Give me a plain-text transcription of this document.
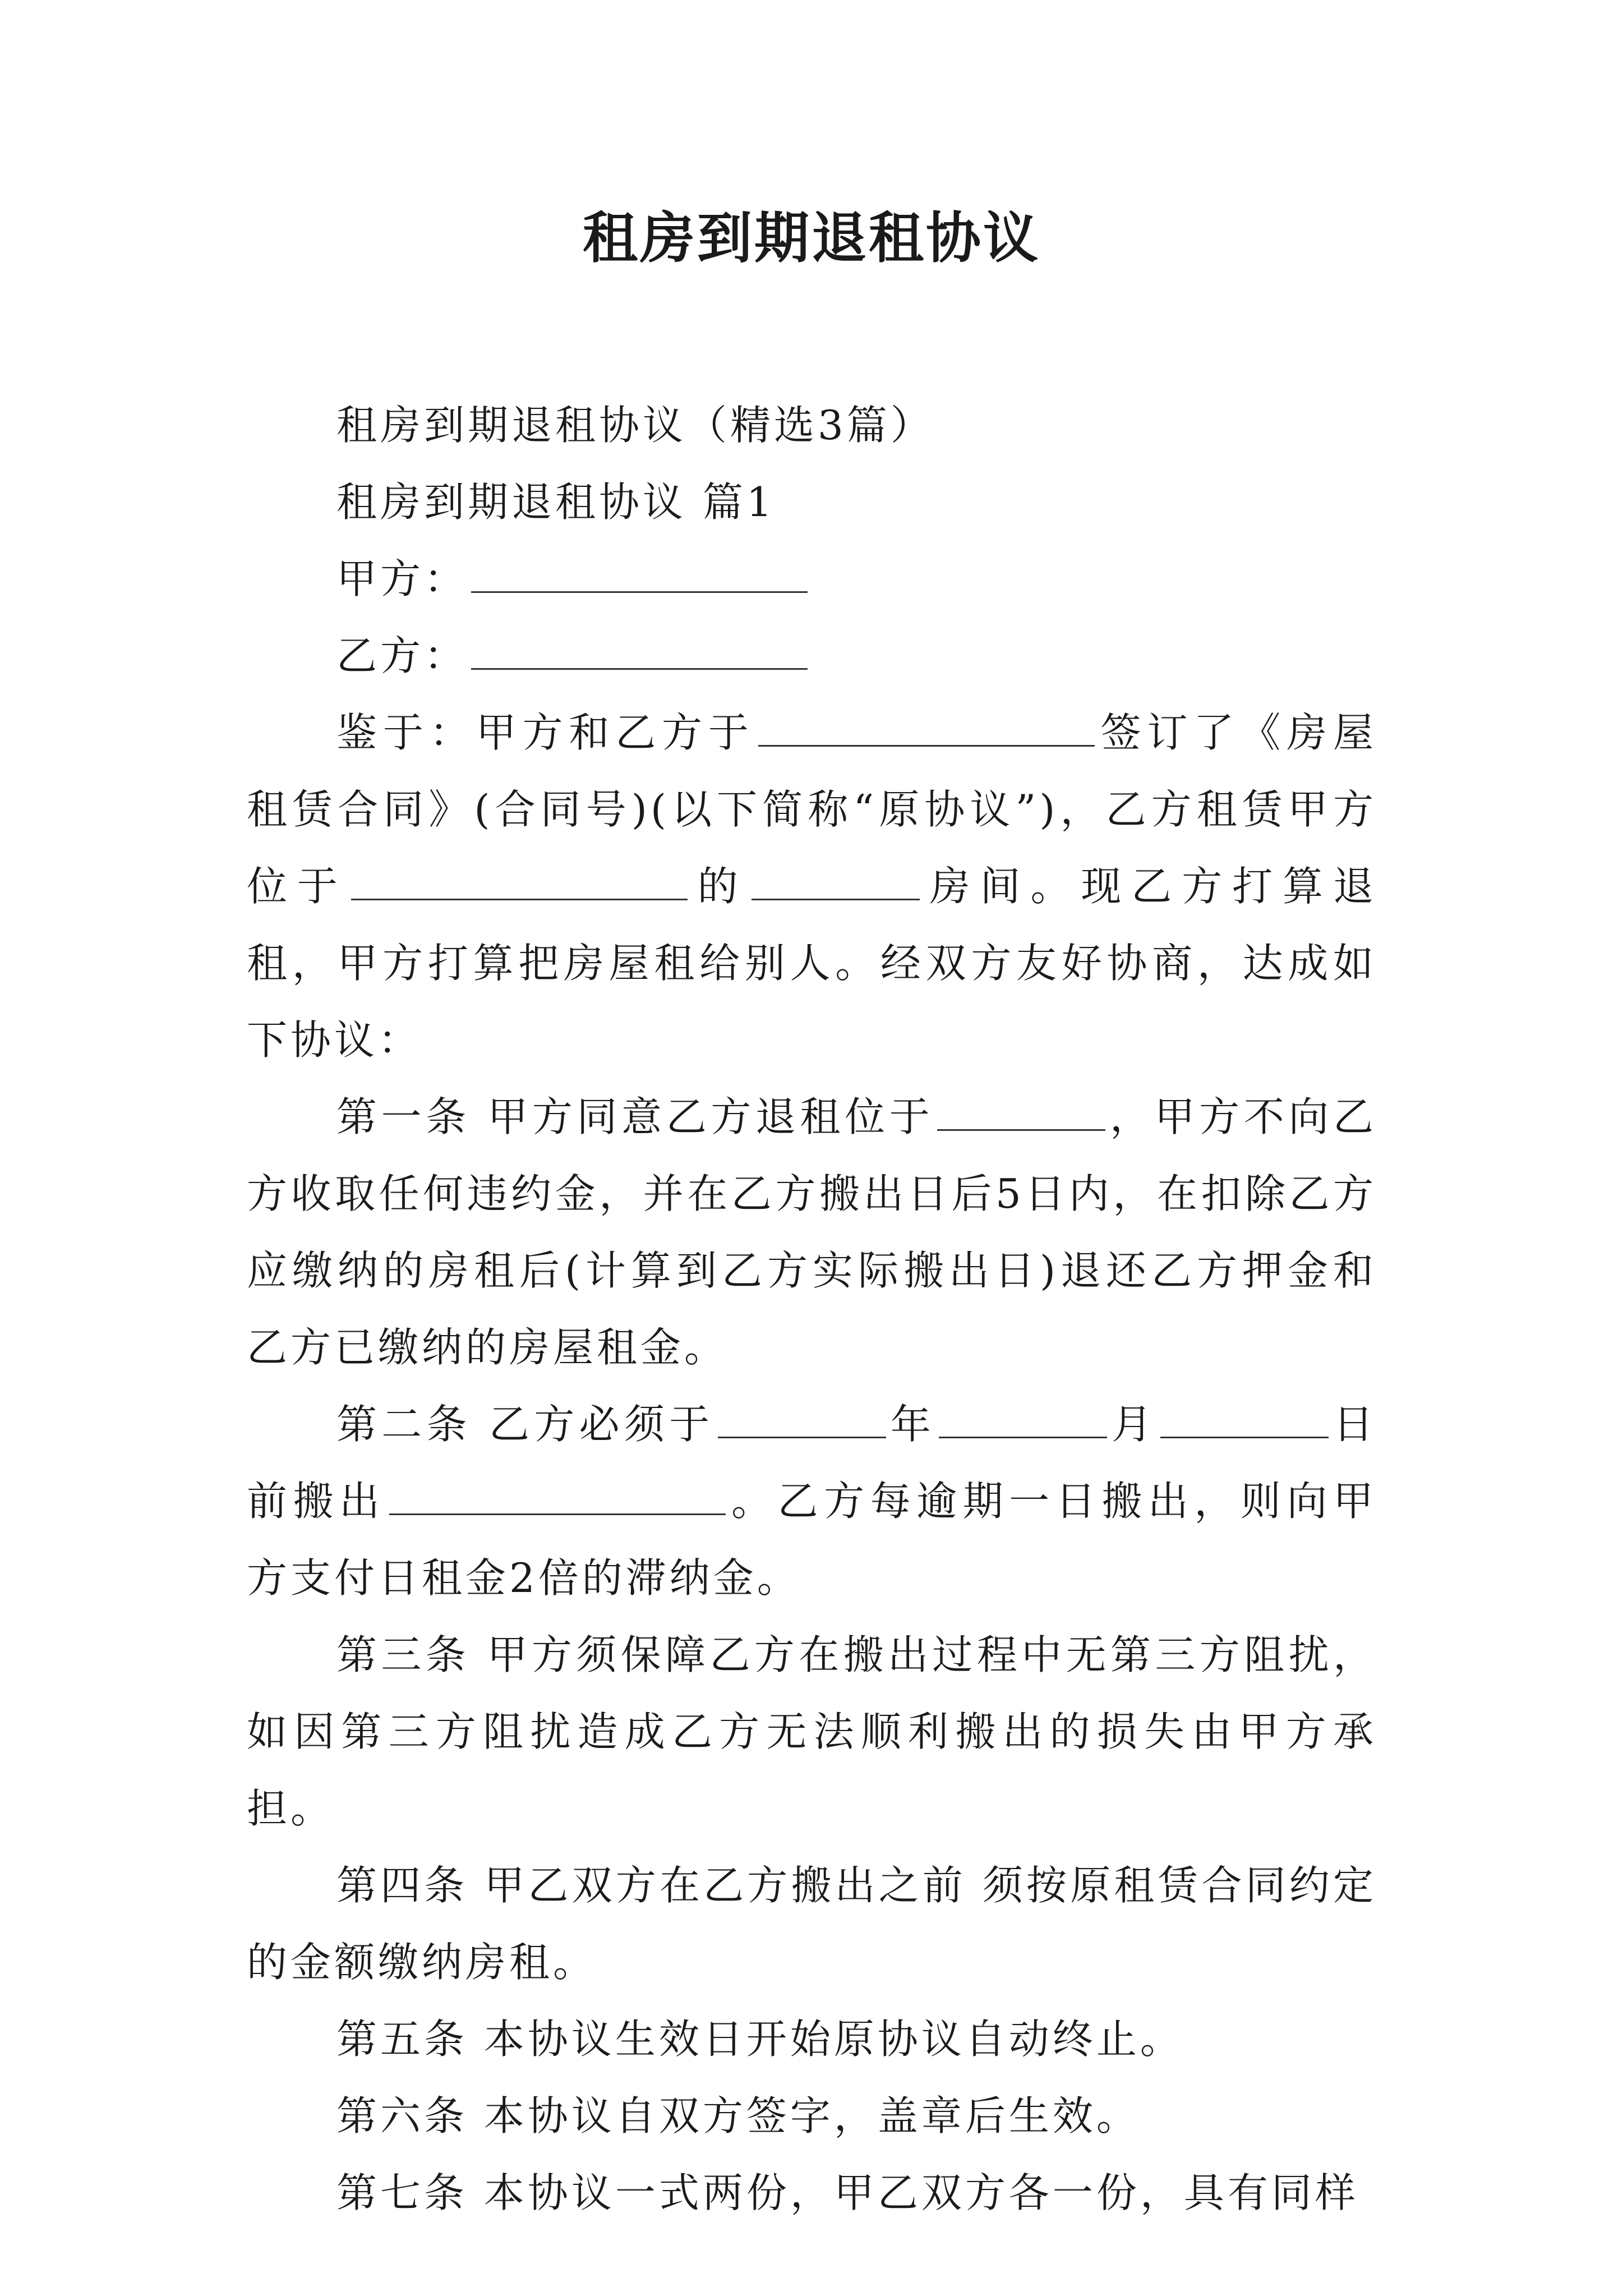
租房到期退租协议

租房到期退租协议（精选3篇）

租房到期退租协议 篇1

甲方：

乙方：

鉴于：甲方和乙方于	签订了《房屋租赁合同》(合同号)(以下简称“原协议”)，乙方租赁甲方位于	的	房间。现乙方打算退租，甲方打算把房屋租给别人。经双方友好协商，达成如下协议：

第一条 甲方同意乙方退租位于	，甲方不向乙方收取任何违约金，并在乙方搬出日后5日内，在扣除乙方应缴纳的房租后(计算到乙方实际搬出日)退还乙方押金和乙方已缴纳的房屋租金。

第二条 乙方必须于	年	月	日前搬出	。乙方每逾期一日搬出，则向甲方支付日租金2倍的滞纳金。

第三条 甲方须保障乙方在搬出过程中无第三方阻扰，如因第三方阻扰造成乙方无法顺利搬出的损失由甲方承担。

第四条 甲乙双方在乙方搬出之前 须按原租赁合同约定的金额缴纳房租。

第五条 本协议生效日开始原协议自动终止。

第六条 本协议自双方签字，盖章后生效。

第七条 本协议一式两份，甲乙双方各一份，具有同样
